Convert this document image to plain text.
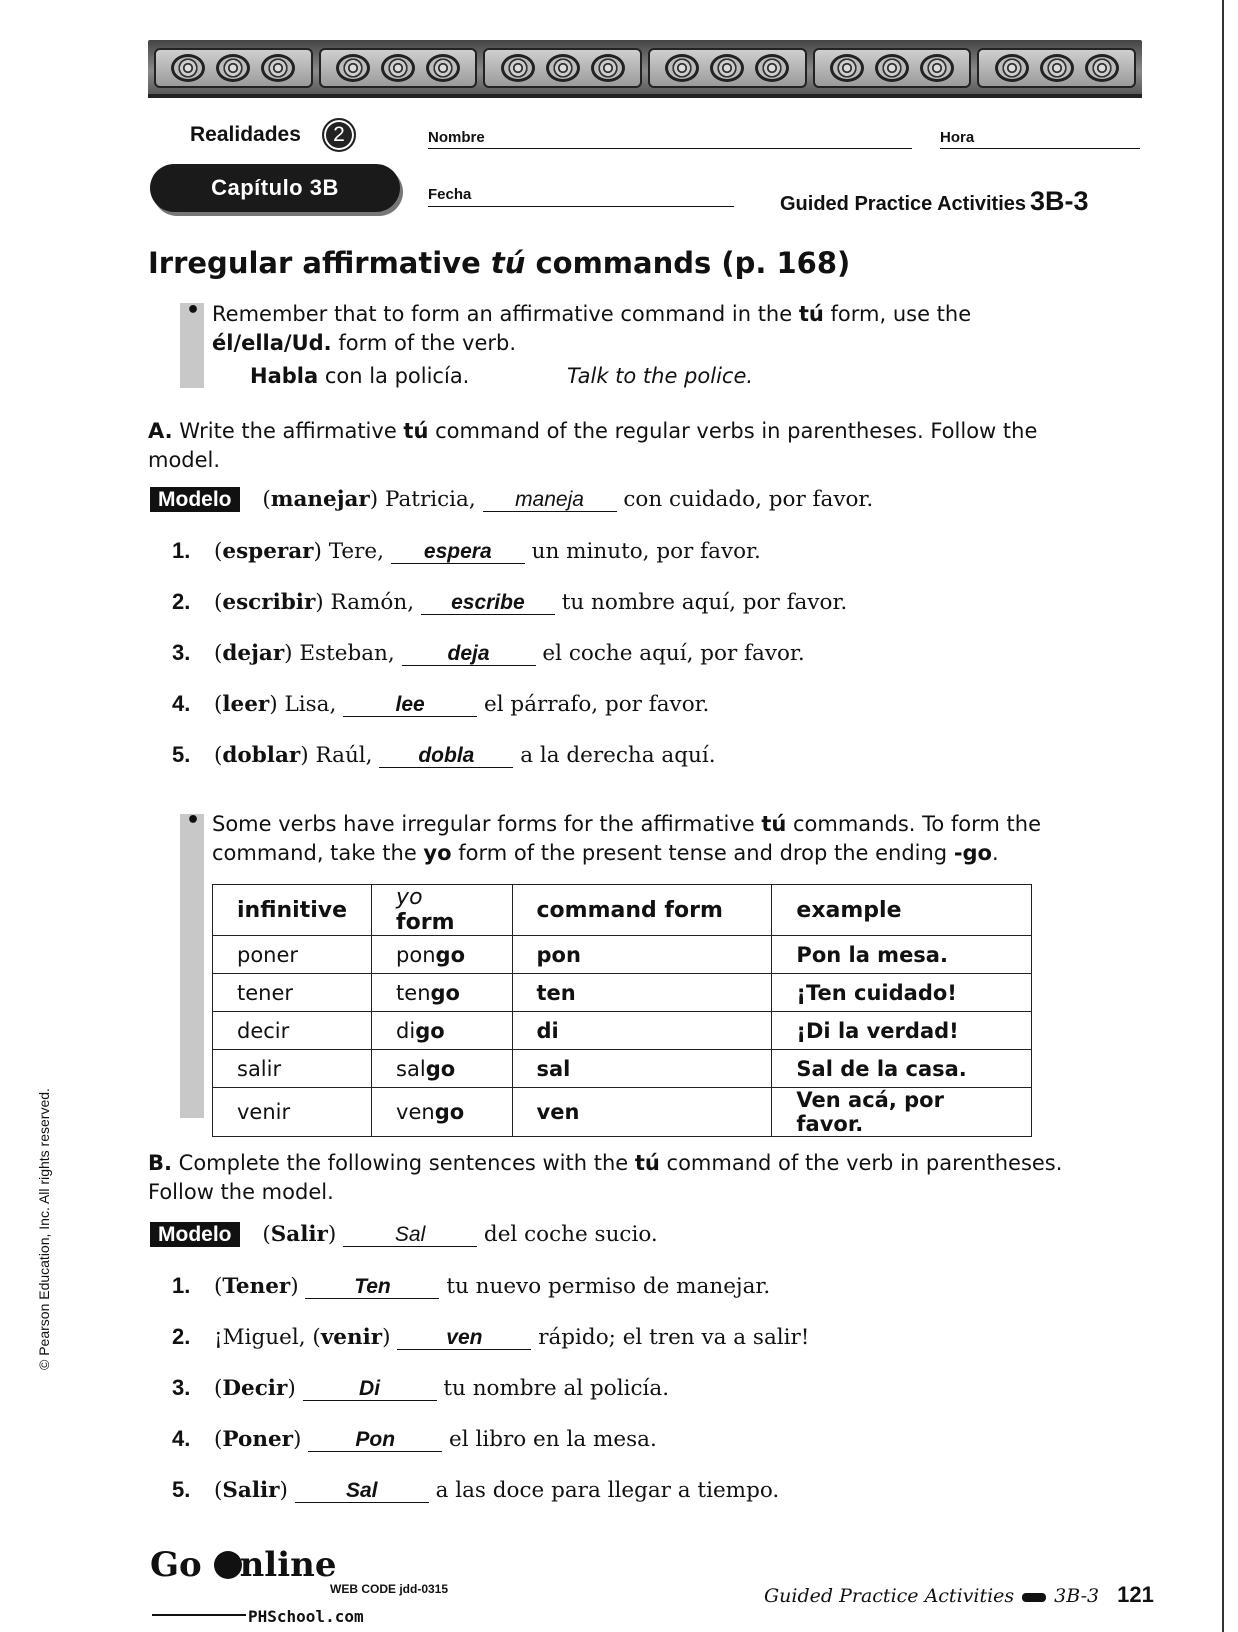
Realidades	2
Capítulo 3B
Nombre	Hora
Fecha	Guided Practice Activities 3B-3
Irregular affirmative tú commands (p. 168)
• Remember that to form an affirmative command in the tú form, use the
él/ella/Ud. form of the verb.
Habla con la policía.	Talk to the police.
A. Write the affirmative tú command of the regular verbs in parentheses. Follow the
model.
Modelo (manejar) Patricia, maneja con cuidado, por favor.
1. (esperar) Tere, espera un minuto, por favor.
2. (escribir) Ramón, escribe tu nombre aquí, por favor.
3. (dejar) Esteban, deja el coche aquí, por favor.
4. (leer) Lisa, lee el párrafo, por favor.
5. (doblar) Raúl, dobla a la derecha aquí.
• Some verbs have irregular forms for the affirmative tú commands. To form the
command, take the yo form of the present tense and drop the ending -go.
infinitive	yo form	command form	example
poner	pongo	pon	Pon la mesa.
tener	tengo	ten	¡Ten cuidado!
decir	digo	di	¡Di la verdad!
salir	salgo	sal	Sal de la casa.
venir	vengo	ven	Ven acá, por favor.
B. Complete the following sentences with the tú command of the verb in parentheses.
Follow the model.
Modelo (Salir)	Sal del coche sucio.
1. (Tener) Ten tu nuevo permiso de manejar.
2. ¡Miguel, (venir) ven rápido; el tren va a salir!
3. (Decir)	Di	tu nombre al policía.
4. (Poner) Pon el libro en la mesa.
5. (Salir) Sal a las doce para llegar a tiempo.
© Pearson Education, Inc. All rights reserved.
Go nline
WEB CODE jdd-0315
PHSchool.com
Guided Practice Activities 3B-3 121
